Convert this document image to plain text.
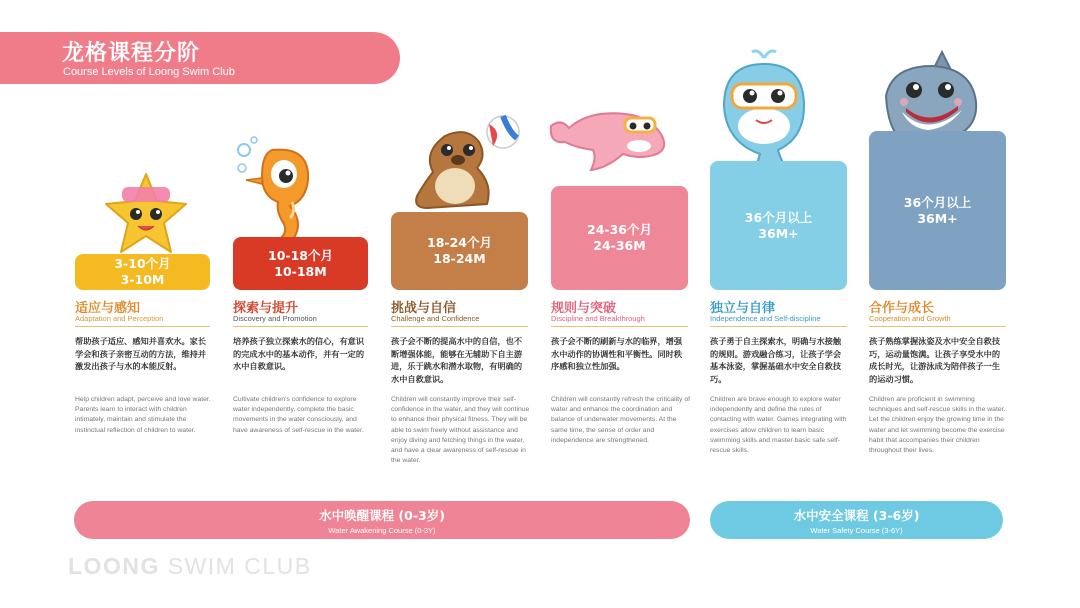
龙格课程分阶
Course Levels of Loong Swim Club
3-10个月
3-10M
适应与感知
Adaptation and Perception
帮助孩子适应、感知并喜欢水。家长学会和孩子亲密互动的方法，维持并激发出孩子与水的本能反射。
Help children adapt, perceive and love water. Parents learn to interact with children intimately, maintain and stimulate the instinctual reflection of children to water.
10-18个月
10-18M
探索与提升
Discovery and Promotion
培养孩子独立探索水的信心，有意识的完成水中的基本动作，并有一定的水中自救意识。
Cultivate children’s confidence to explore water independently, complete the basic movements in the water consciously, and have awareness of self-rescue in the water.
18-24个月
18-24M
挑战与自信
Challenge and Confidence
孩子会不断的提高水中的自信，也不断增强体能，能够在无辅助下自主游进，乐于跳水和潜水取物，有明确的水中自救意识。
Children will constantly improve their self-confidence in the water, and they will continue to enhance their physical fitness. They will be able to swim freely without assistance and enjoy diving and fetching things in the water, and have a clear awareness of self-rescue in the water.
24-36个月
24-36M
规则与突破
Discipline and Breakthrough
孩子会不断的刷新与水的临界，增强水中动作的协调性和平衡性。同时秩序感和独立性加强。
Children will constantly refresh the criticality of water and enhance the coordination and balance of underwater movements. At the same time, the sense of order and independence are strengthened.
36个月以上
36M+
独立与自律
Independence and Self-discipline
孩子勇于自主探索水，明确与水接触的规则。游戏融合练习，让孩子学会基本泳姿，掌握基础水中安全自救技巧。
Children are brave enough to explore water independently and define the rules of contacting with water. Games integrating with exercises allow children to learn basic swimming skills and master basic safe self-rescue skills.
36个月以上
36M+
合作与成长
Cooperation and Growth
孩子熟练掌握泳姿及水中安全自救技巧，运动量饱满。让孩子享受水中的成长时光，让游泳成为陪伴孩子一生的运动习惯。
Children are proficient in swimming techniques and self-rescue skills in the water. Let the children enjoy the growing time in the water and let swimming become the exercise habit that accompanies their children throughout their lives.
水中唤醒课程 (0-3岁)
Water Awakening Course (0-3Y)
水中安全课程 (3-6岁)
Water Safety Course (3-6Y)
LOONG SWIM CLUB
